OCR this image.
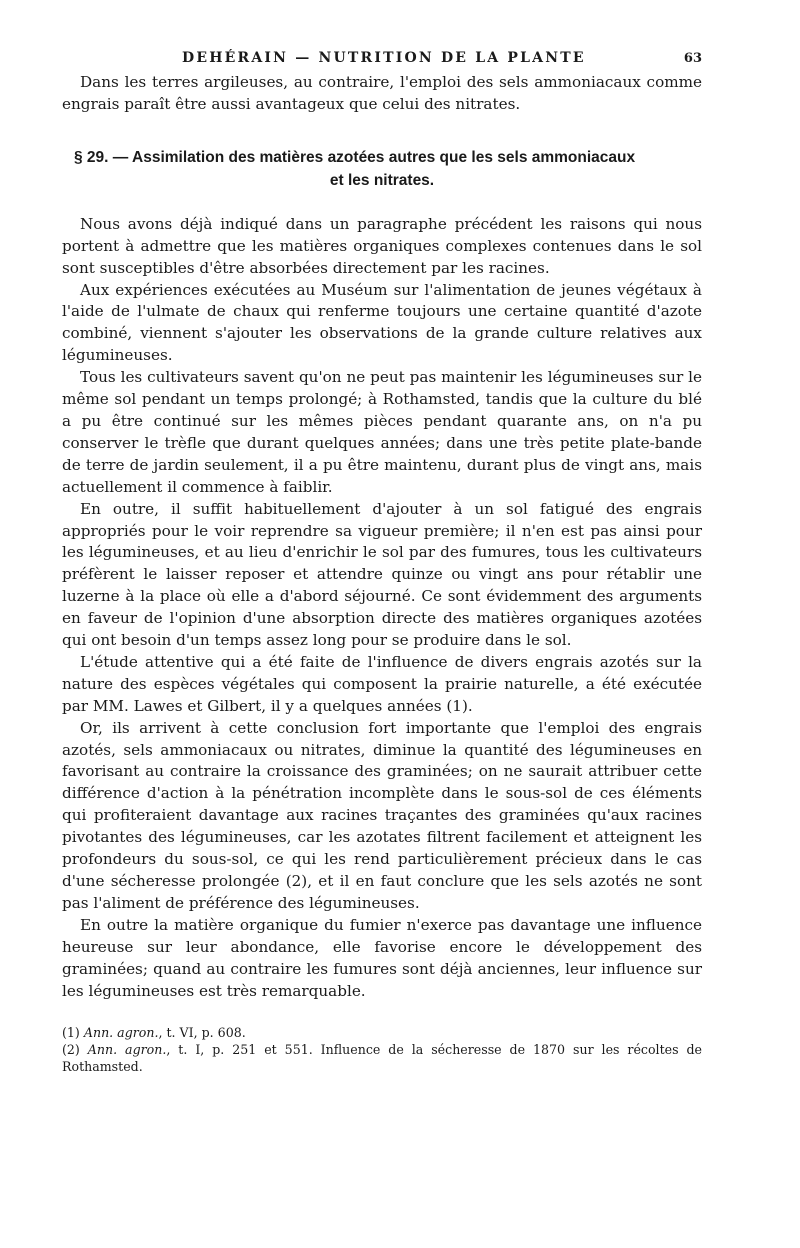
DEHÉRAIN — NUTRITION DE LA PLANTE	63

Dans les terres argileuses, au contraire, l'emploi des sels ammoniacaux comme engrais paraît être aussi avantageux que celui des nitrates.

§ 29. — Assimilation des matières azotées autres que les sels ammoniacaux
et les nitrates.

Nous avons déjà indiqué dans un paragraphe précédent les raisons qui nous portent à admettre que les matières organiques complexes contenues dans le sol sont susceptibles d'être absorbées directement par les racines.

Aux expériences exécutées au Muséum sur l'alimentation de jeunes végétaux à l'aide de l'ulmate de chaux qui renferme toujours une certaine quantité d'azote combiné, viennent s'ajouter les observations de la grande culture relatives aux légumineuses.

Tous les cultivateurs savent qu'on ne peut pas maintenir les légumineuses sur le même sol pendant un temps prolongé; à Rothamsted, tandis que la culture du blé a pu être continué sur les mêmes pièces pendant quarante ans, on n'a pu conserver le trèfle que durant quelques années; dans une très petite plate-bande de terre de jardin seulement, il a pu être maintenu, durant plus de vingt ans, mais actuellement il commence à faiblir.

En outre, il suffit habituellement d'ajouter à un sol fatigué des engrais appropriés pour le voir reprendre sa vigueur première; il n'en est pas ainsi pour les légumineuses, et au lieu d'enrichir le sol par des fumures, tous les cultivateurs préfèrent le laisser reposer et attendre quinze ou vingt ans pour rétablir une luzerne à la place où elle a d'abord séjourné. Ce sont évidemment des arguments en faveur de l'opinion d'une absorption directe des matières organiques azotées qui ont besoin d'un temps assez long pour se produire dans le sol.

L'étude attentive qui a été faite de l'influence de divers engrais azotés sur la nature des espèces végétales qui composent la prairie naturelle, a été exécutée par MM. Lawes et Gilbert, il y a quelques années (1).

Or, ils arrivent à cette conclusion fort importante que l'emploi des engrais azotés, sels ammoniacaux ou nitrates, diminue la quantité des légumineuses en favorisant au contraire la croissance des graminées; on ne saurait attribuer cette différence d'action à la pénétration incomplète dans le sous-sol de ces éléments qui profiteraient davantage aux racines traçantes des graminées qu'aux racines pivotantes des légumineuses, car les azotates filtrent facilement et atteignent les profondeurs du sous-sol, ce qui les rend particulièrement précieux dans le cas d'une sécheresse prolongée (2), et il en faut conclure que les sels azotés ne sont pas l'aliment de préférence des légumineuses.

En outre la matière organique du fumier n'exerce pas davantage une influence heureuse sur leur abondance, elle favorise encore le développement des graminées; quand au contraire les fumures sont déjà anciennes, leur influence sur les légumineuses est très remarquable.

(1) Ann. agron., t. VI, p. 608.
(2) Ann. agron., t. I, p. 251 et 551. Influence de la sécheresse de 1870 sur les récoltes de Rothamsted.
